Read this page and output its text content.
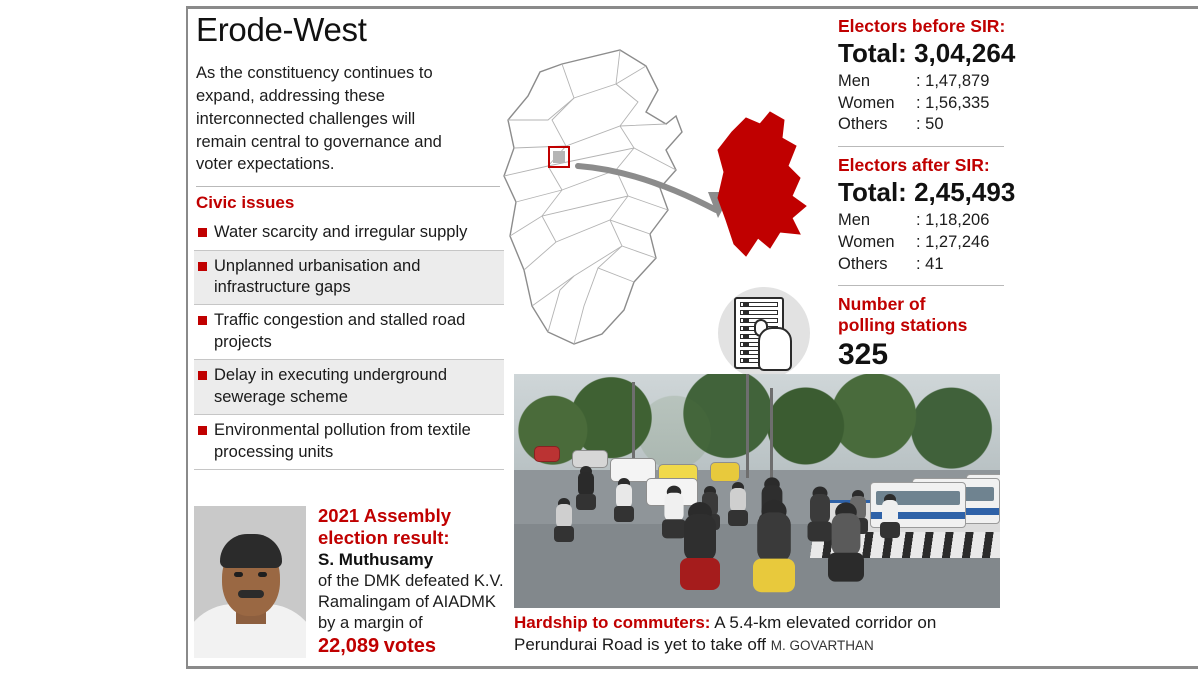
Erode-West
As the constituency continues to expand, addressing these interconnected challenges will remain central to governance and voter expectations.
Civic issues
Water scarcity and irregular supply
Unplanned urbanisation and infrastructure gaps
Traffic congestion and stalled road projects
Delay in executing underground sewerage scheme
Environmental pollution from textile processing units
2021 Assembly
election result:
S. Muthusamy
of the DMK defeated K.V. Ramalingam of AIADMK by a margin of
22,089 votes
Electors before SIR:
Total: 3,04,264
Men	: 1,47,879
Women	: 1,56,335
Others	: 50
Electors after SIR:
Total: 2,45,493
Men	: 1,18,206
Women	: 1,27,246
Others	: 41
Number of
polling stations
325
Hardship to commuters: A 5.4-km elevated corridor on Perundurai Road is yet to take off M. GOVARTHAN
